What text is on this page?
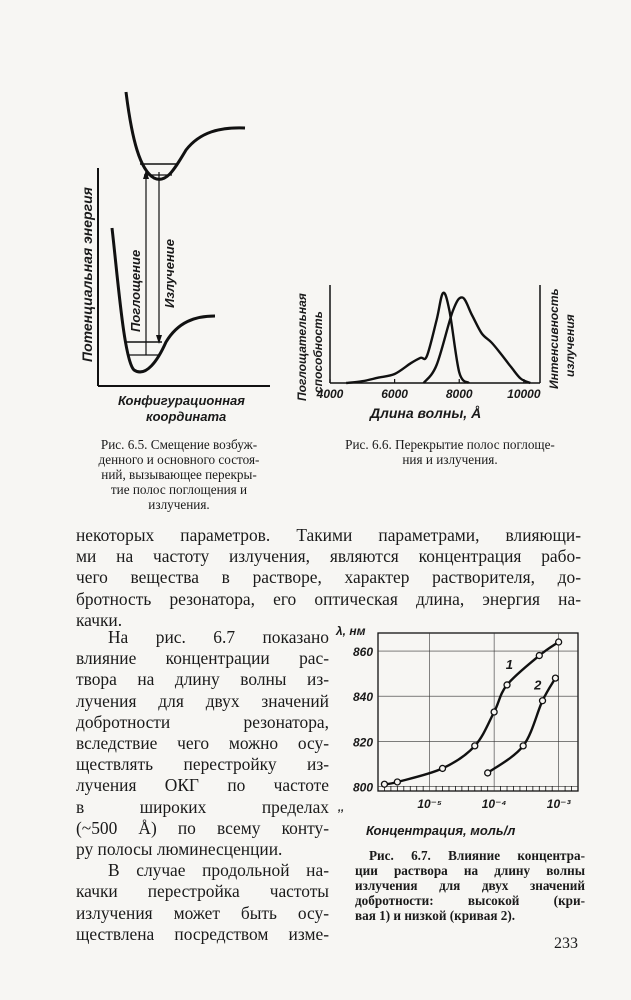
Потенциальная энергия	Поглощение Излучение
Конфигурационная
координата
Рис. 6.5. Смещение возбуж-
денного и основного состоя-
ний, вызывающее перекры-
тие полос поглощения и
излучения.
Поглощательная способность	Интенсивность излучения
4000	6000	8000	10000
Длина волны, Å
Рис. 6.6. Перекрытие полос поглоще-
ния и излучения.
некоторых параметров. Такими параметрами, влияющи-
ми на частоту излучения, являются концентрация рабо-
чего вещества в растворе, характер растворителя, до-
бротность резонатора, его оптическая длина, энергия на-
качки.
На рис. 6.7 показано
влияние концентрации рас-
твора на длину волны из-
лучения для двух значений
добротности резонатора,
вследствие чего можно осу-
ществлять перестройку из-
лучения ОКГ по частоте
в широких пределах
(~500 Å) по всему конту-
ру полосы люминесценции.
В случае продольной на-
качки перестройка частоты
излучения может быть осу-
ществлена посредством изме-
λ, нм
800
820
840
860
10⁻⁵	10⁻⁴	10⁻³
1
2
Концентрация, моль/л
,,
Рис. 6.7. Влияние концентра-
ции раствора на длину волны
излучения для двух значений
добротности: высокой (кри-
вая 1) и низкой (кривая 2).
233
